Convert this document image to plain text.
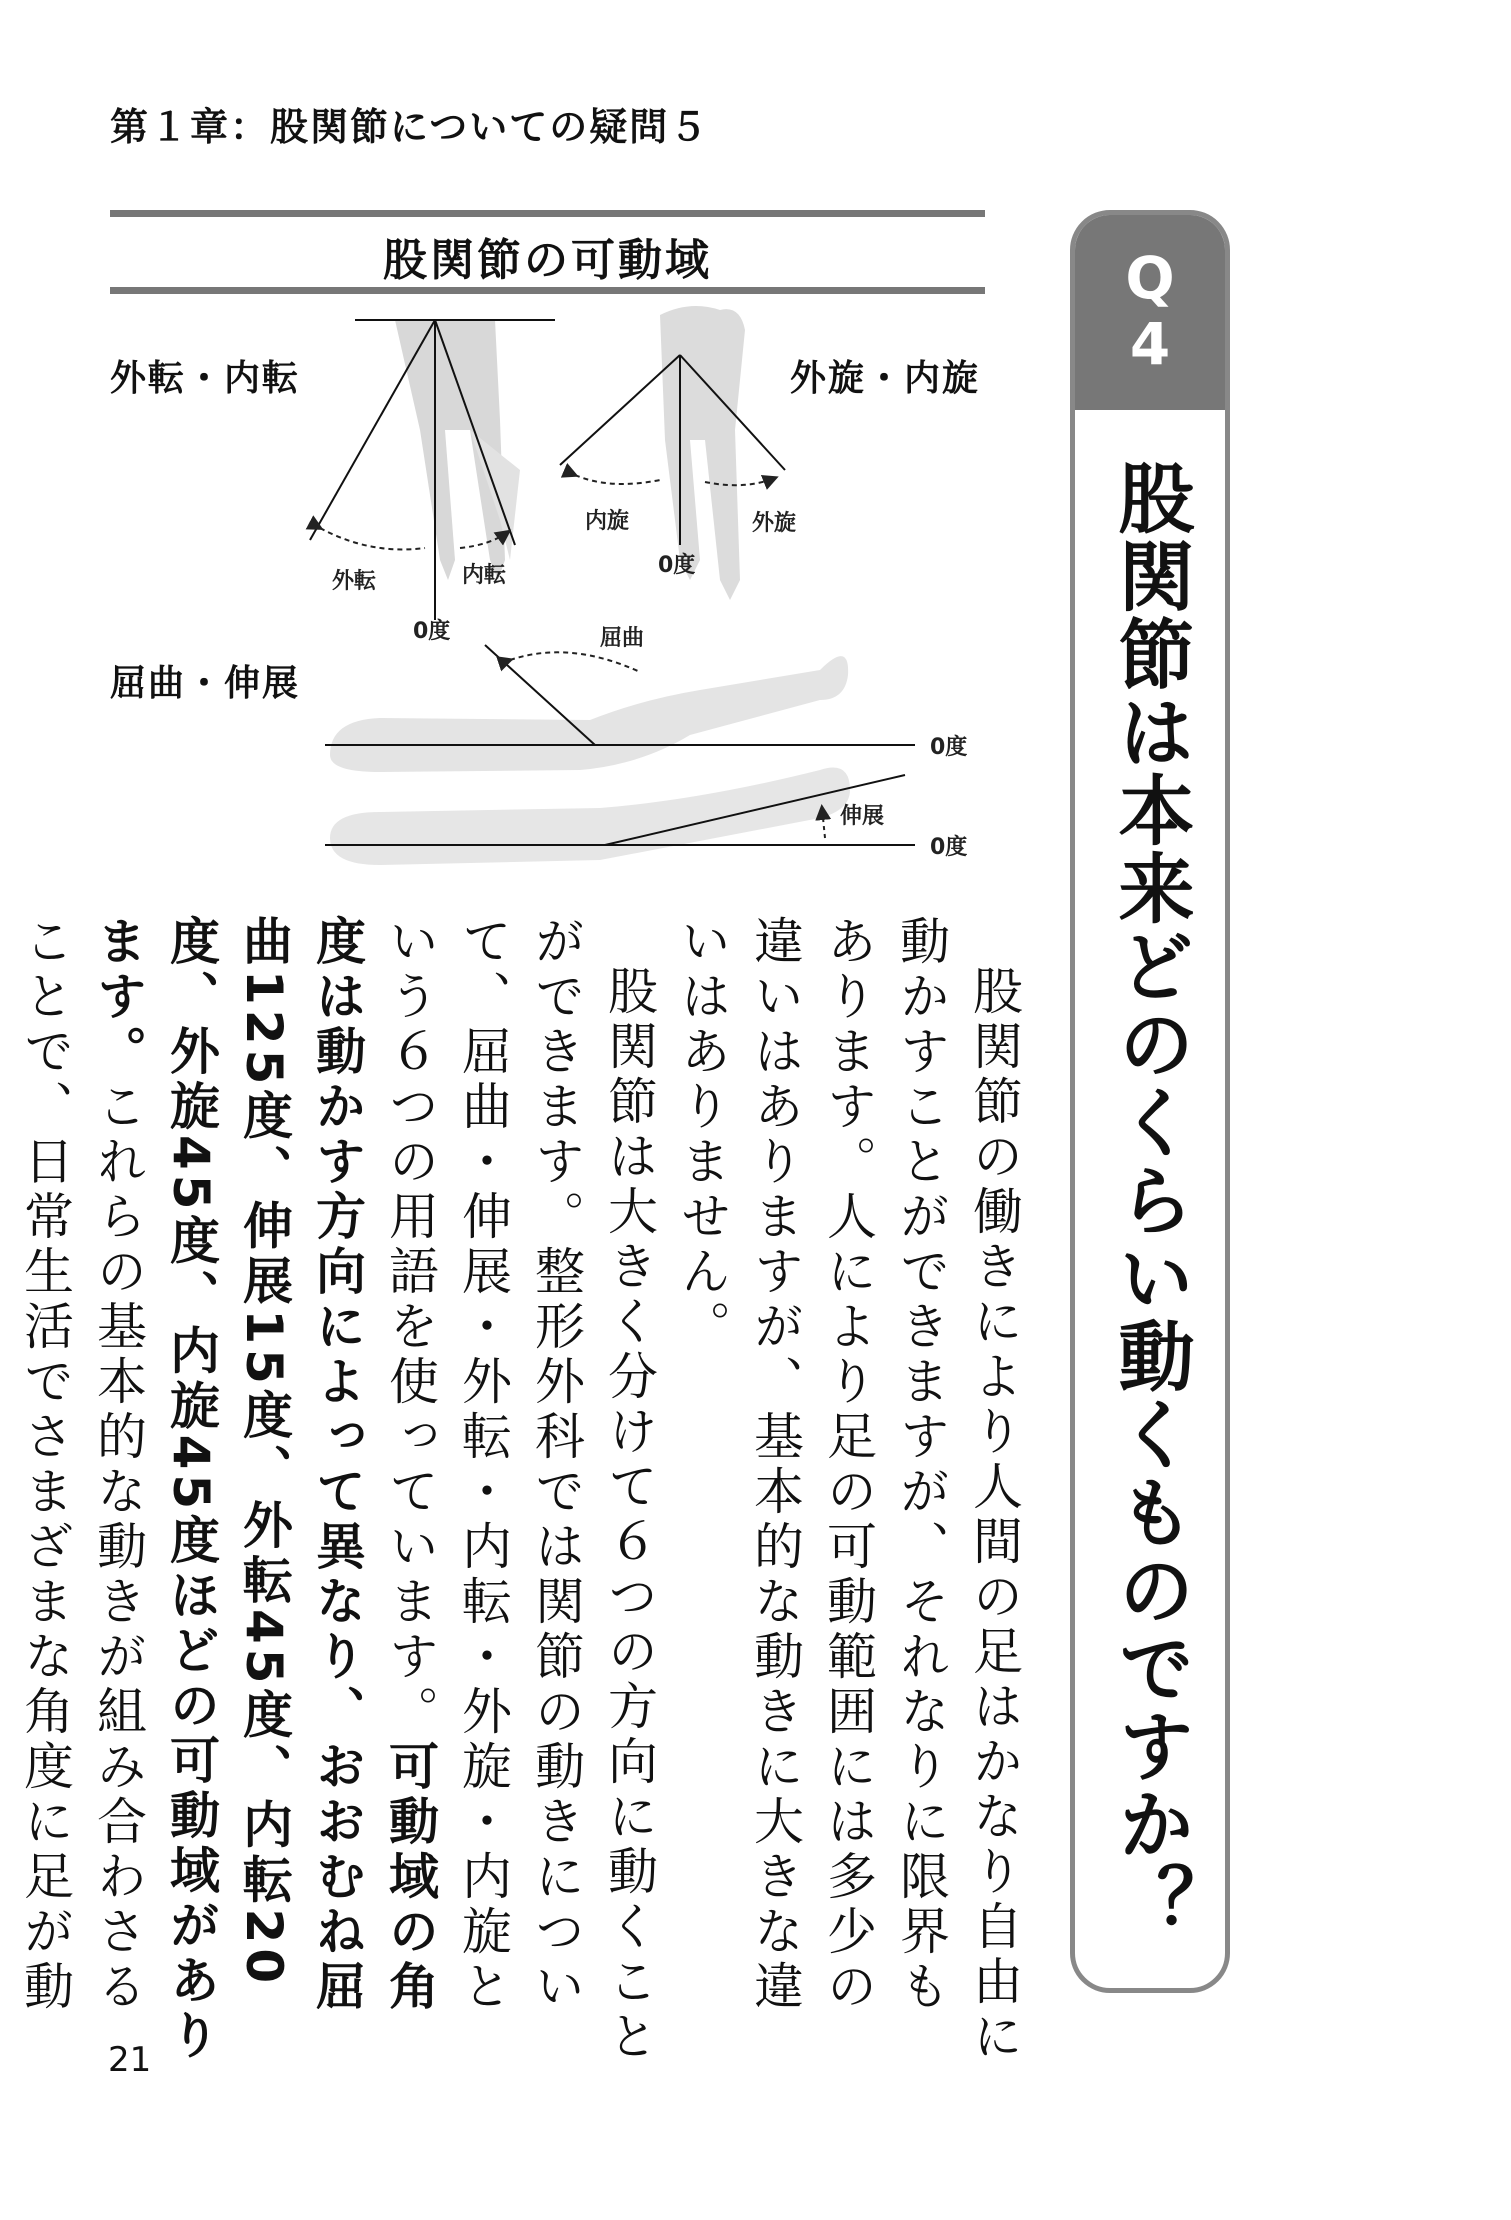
第１章：股関節についての疑問５
股関節の可動域
外転・内転	外旋・内旋
屈曲・伸展
外転	内転
0度
内旋	外旋
0度
屈曲
0度
伸展
0度
Q
4
股関節は本来どのくらい動くものですか？

股関節の働きにより人間の足はかなり自由に動かすことができますが、それなりに限界もあります。人により足の可動範囲には多少の違いはありますが、基本的な動きに大きな違いはありません。

股関節は大きく分けて６つの方向に動くことができます。整形外科では関節の動きについて、屈曲・伸展・外転・内転・外旋・内旋という６つの用語を使っています。可動域の角度は動かす方向によって異なり、おおむね屈曲125度、伸展15度、外転45度、内転20度、外旋45度、内旋45度ほどの可動域があります。これらの基本的な動きが組み合わさることで、日常生活でさまざまな角度に足が動

21
